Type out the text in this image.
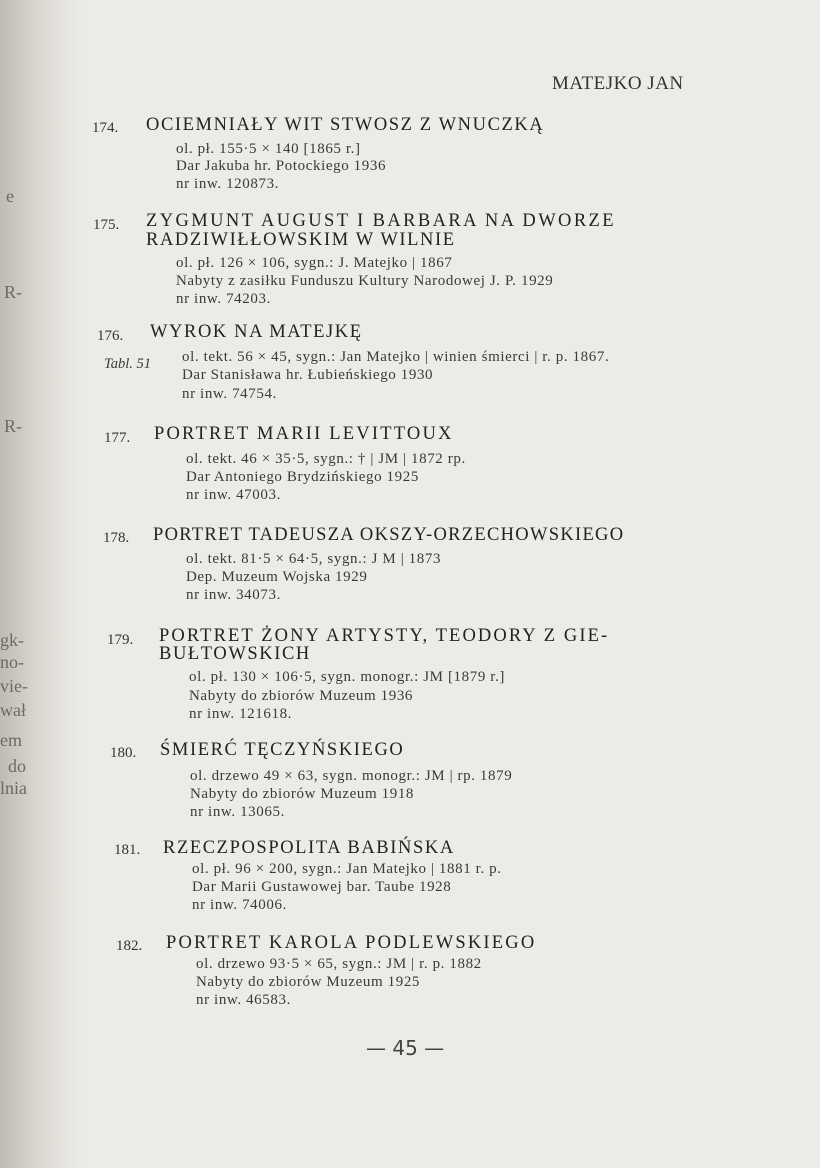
e
R-
R-
gk-
no-
vie-
wał
em
do
lnia
MATEJKO JAN
174. OCIEMNIAŁY WIT STWOSZ Z WNUCZKĄ
ol. pł. 155·5 × 140 [1865 r.]
Dar Jakuba hr. Potockiego 1936
nr inw. 120873.
175. ZYGMUNT AUGUST I BARBARA NA DWORZE
RADZIWIŁŁOWSKIM W WILNIE
ol. pł. 126 × 106, sygn.: J. Matejko | 1867
Nabyty z zasiłku Funduszu Kultury Narodowej J. P. 1929
nr inw. 74203.
176. WYROK NA MATEJKĘ
Tabl. 51 ol. tekt. 56 × 45, sygn.: Jan Matejko | winien śmierci | r. p. 1867.
Dar Stanisława hr. Łubieńskiego 1930
nr inw. 74754.
177. PORTRET MARII LEVITTOUX
ol. tekt. 46 × 35·5, sygn.: † | JM | 1872 rp.
Dar Antoniego Brydzińskiego 1925
nr inw. 47003.
178. PORTRET TADEUSZA OKSZY-ORZECHOWSKIEGO
ol. tekt. 81·5 × 64·5, sygn.: J M | 1873
Dep. Muzeum Wojska 1929
nr inw. 34073.
179. PORTRET ŻONY ARTYSTY, TEODORY Z GIE-
BUŁTOWSKICH
ol. pł. 130 × 106·5, sygn. monogr.: JM [1879 r.]
Nabyty do zbiorów Muzeum 1936
nr inw. 121618.
180. ŚMIERĆ TĘCZYŃSKIEGO
ol. drzewo 49 × 63, sygn. monogr.: JM | rp. 1879
Nabyty do zbiorów Muzeum 1918
nr inw. 13065.
181. RZECZPOSPOLITA BABIŃSKA
ol. pł. 96 × 200, sygn.: Jan Matejko | 1881 r. p.
Dar Marii Gustawowej bar. Taube 1928
nr inw. 74006.
182. PORTRET KAROLA PODLEWSKIEGO
ol. drzewo 93·5 × 65, sygn.: JM | r. p. 1882
Nabyty do zbiorów Muzeum 1925
nr inw. 46583.
— 45 —
